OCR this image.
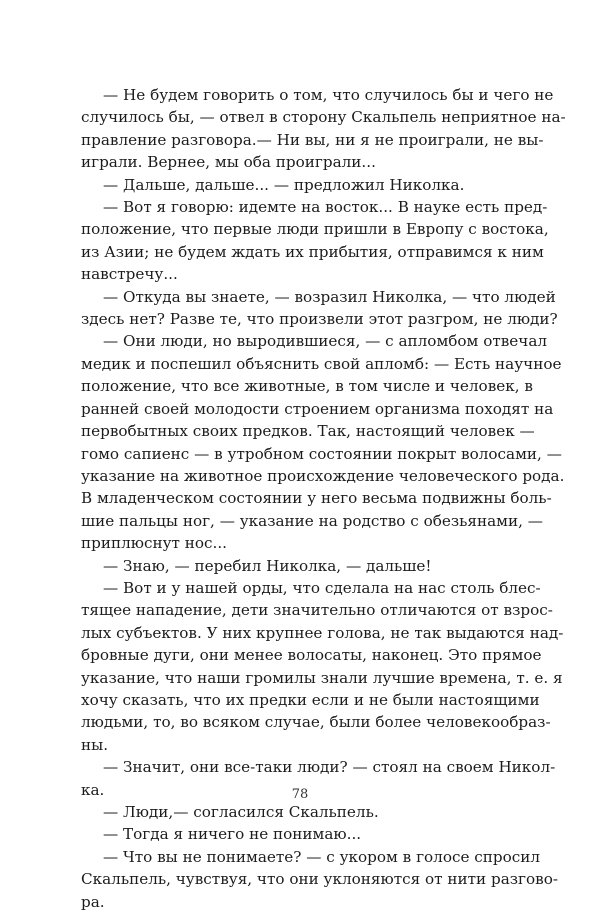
— Не будем говорить о том, что случилось бы и чего не
случилось бы, — отвел в сторону Скальпель неприятное на-
правление разговора.— Ни вы, ни я не проиграли, не вы-
играли. Вернее, мы оба проиграли...
— Дальше, дальше... — предложил Николка.
— Вот я говорю: идемте на восток... В науке есть пред-
положение, что первые люди пришли в Европу с востока,
из Азии; не будем ждать их прибытия, отправимся к ним
навстречу...
— Откуда вы знаете, — возразил Николка, — что людей
здесь нет? Разве те, что произвели этот разгром, не люди?
— Они люди, но выродившиеся, — с апломбом отвечал
медик и поспешил объяснить свой апломб: — Есть научное
положение, что все животные, в том числе и человек, в
ранней своей молодости строением организма походят на
первобытных своих предков. Так, настоящий человек —
гомо сапиенс — в утробном состоянии покрыт волосами, —
указание на животное происхождение человеческого рода.
В младенческом состоянии у него весьма подвижны боль-
шие пальцы ног, — указание на родство с обезьянами, —
приплюснут нос...
— Знаю, — перебил Николка, — дальше!
— Вот и у нашей орды, что сделала на нас столь блес-
тящее нападение, дети значительно отличаются от взрос-
лых субъектов. У них крупнее голова, не так выдаются над-
бровные дуги, они менее волосаты, наконец. Это прямое
указание, что наши громилы знали лучшие времена, т. е. я
хочу сказать, что их предки если и не были настоящими
людьми, то, во всяком случае, были более человекообраз-
ны.
— Значит, они все-таки люди? — стоял на своем Никол-
ка.
— Люди,— согласился Скальпель.
— Тогда я ничего не понимаю...
— Что вы не понимаете? — с укором в голосе спросил
Скальпель, чувствуя, что они уклоняются от нити разгово-
ра.
78
